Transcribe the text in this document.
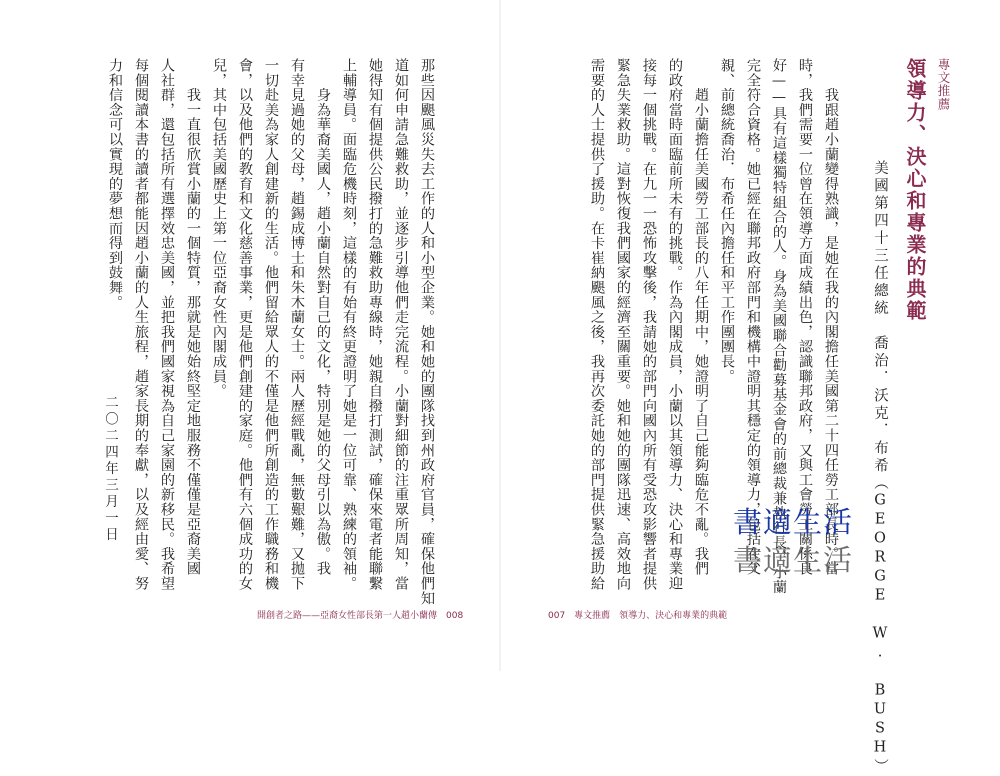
專文推薦
領導力、決心和專業的典範
美國第四十三任總統　喬治．沃克．布希（GEORGE W. BUSH）
　　我跟趙小蘭變得熟識，是她在我的內閣擔任美國第二十四任勞工部長時。當
時，我們需要一位曾在領導方面成績出色，認識聯邦政府，又與工會勞工關係良
好——具有這樣獨特組合的人。身為美國聯合勸募基金會的前總裁兼執行長，小蘭
完全符合資格。她已經在聯邦政府部門和機構中證明其穩定的領導力，包括在父
親、前總統喬治．布希任內擔任和平工作團團長。
　　趙小蘭擔任美國勞工部長的八年任期中，她證明了自己能夠臨危不亂。我們
的政府當時面臨前所未有的挑戰。作為內閣成員，小蘭以其領導力、決心和專業迎
接每一個挑戰。在九一一恐怖攻擊後，我請她的部門向國內所有受恐攻影響者提供
緊急失業救助。這對恢復我們國家的經濟至關重要。她和她的團隊迅速、高效地向
需要的人士提供了援助。在卡崔納颶風之後，我再次委託她的部門提供緊急援助給
007　專文推薦　領導力、決心和專業的典範
那些因颶風災失去工作的人和小型企業。她和她的團隊找到州政府官員，確保他們知
道如何申請急難救助，並逐步引導他們走完流程。小蘭對細節的注重眾所周知，當
她得知有個提供公民撥打的急難救助專線時，她親自撥打測試，確保來電者能聯繫
上輔導員。面臨危機時刻，這樣的有始有終更證明了她是一位可靠、熟練的領袖。
　　身為華裔美國人，趙小蘭自然對自己的文化，特別是她的父母引以為傲。我
有幸見過她的父母，趙錫成博士和朱木蘭女士。兩人歷經戰亂，無數艱難，又拋下
一切赴美為家人創建新的生活。他們留給眾人的不僅是他們所創造的工作職務和機
會，以及他們的教育和文化慈善事業，更是他們創建的家庭。他們有六個成功的女
兒，其中包括美國歷史上第一位亞裔女性內閣成員。
　　我一直很欣賞小蘭的一個特質，那就是她始終堅定地服務不僅僅是亞裔美國
人社群，還包括所有選擇效忠美國，並把我們國家視為自己家園的新移民。我希望
每個閱讀本書的讀者都能因趙小蘭的人生旅程，趙家長期的奉獻，以及經由愛、努
力和信念可以實現的夢想而得到鼓舞。
二〇二四年三月一日
開創者之路——亞裔女性部長第一人趙小蘭傳　008
書適生活
書適生活
